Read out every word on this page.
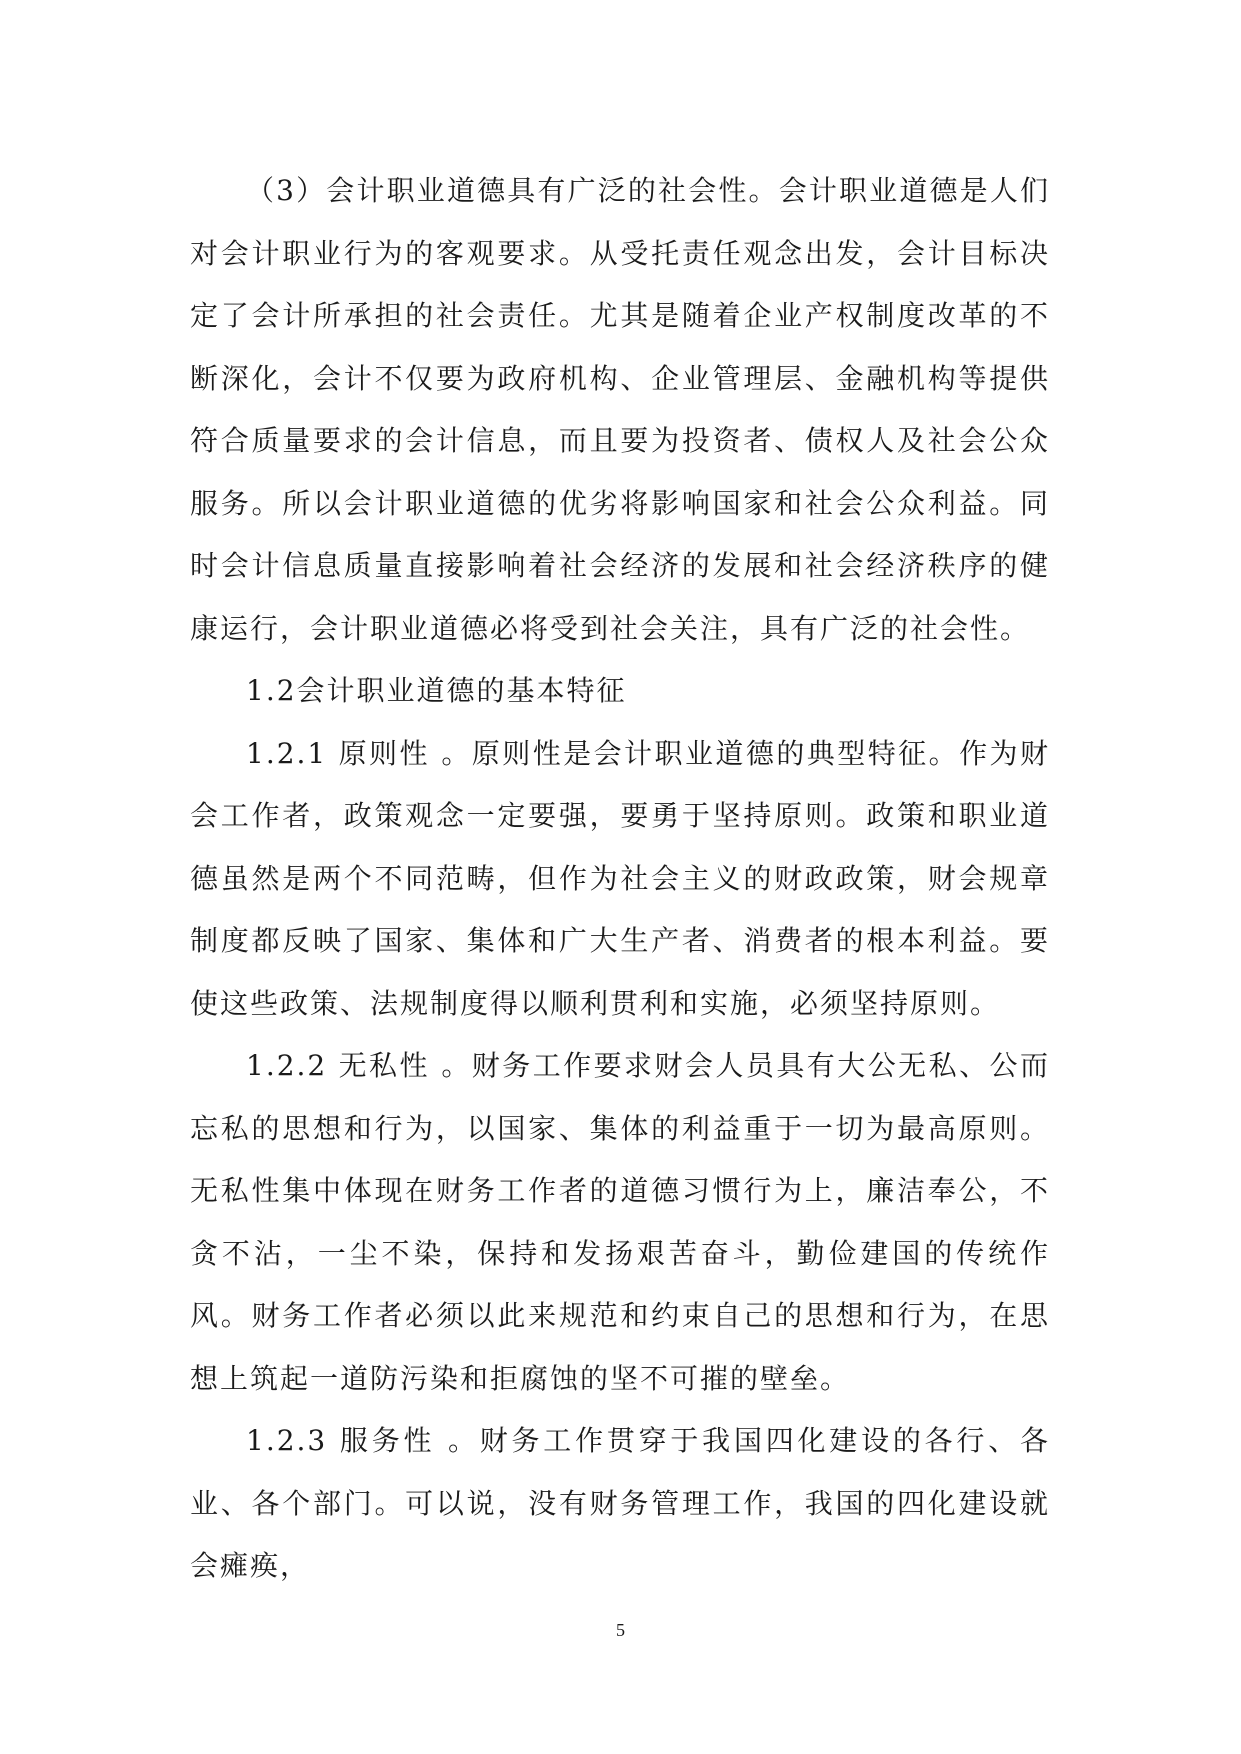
（3）会计职业道德具有广泛的社会性。会计职业道德是人们对会计职业行为的客观要求。从受托责任观念出发，会计目标决定了会计所承担的社会责任。尤其是随着企业产权制度改革的不断深化，会计不仅要为政府机构、企业管理层、金融机构等提供符合质量要求的会计信息，而且要为投资者、债权人及社会公众服务。所以会计职业道德的优劣将影响国家和社会公众利益。同时会计信息质量直接影响着社会经济的发展和社会经济秩序的健康运行，会计职业道德必将受到社会关注，具有广泛的社会性。

1.2会计职业道德的基本特征

1.2.1 原则性 。原则性是会计职业道德的典型特征。作为财会工作者，政策观念一定要强，要勇于坚持原则。政策和职业道德虽然是两个不同范畴，但作为社会主义的财政政策，财会规章制度都反映了国家、集体和广大生产者、消费者的根本利益。要使这些政策、法规制度得以顺利贯利和实施，必须坚持原则。

1.2.2 无私性 。财务工作要求财会人员具有大公无私、公而忘私的思想和行为，以国家、集体的利益重于一切为最高原则。无私性集中体现在财务工作者的道德习惯行为上，廉洁奉公，不贪不沾，一尘不染，保持和发扬艰苦奋斗，勤俭建国的传统作风。财务工作者必须以此来规范和约束自己的思想和行为，在思想上筑起一道防污染和拒腐蚀的坚不可摧的壁垒。

1.2.3 服务性 。财务工作贯穿于我国四化建设的各行、各业、各个部门。可以说，没有财务管理工作，我国的四化建设就会瘫痪，

5
